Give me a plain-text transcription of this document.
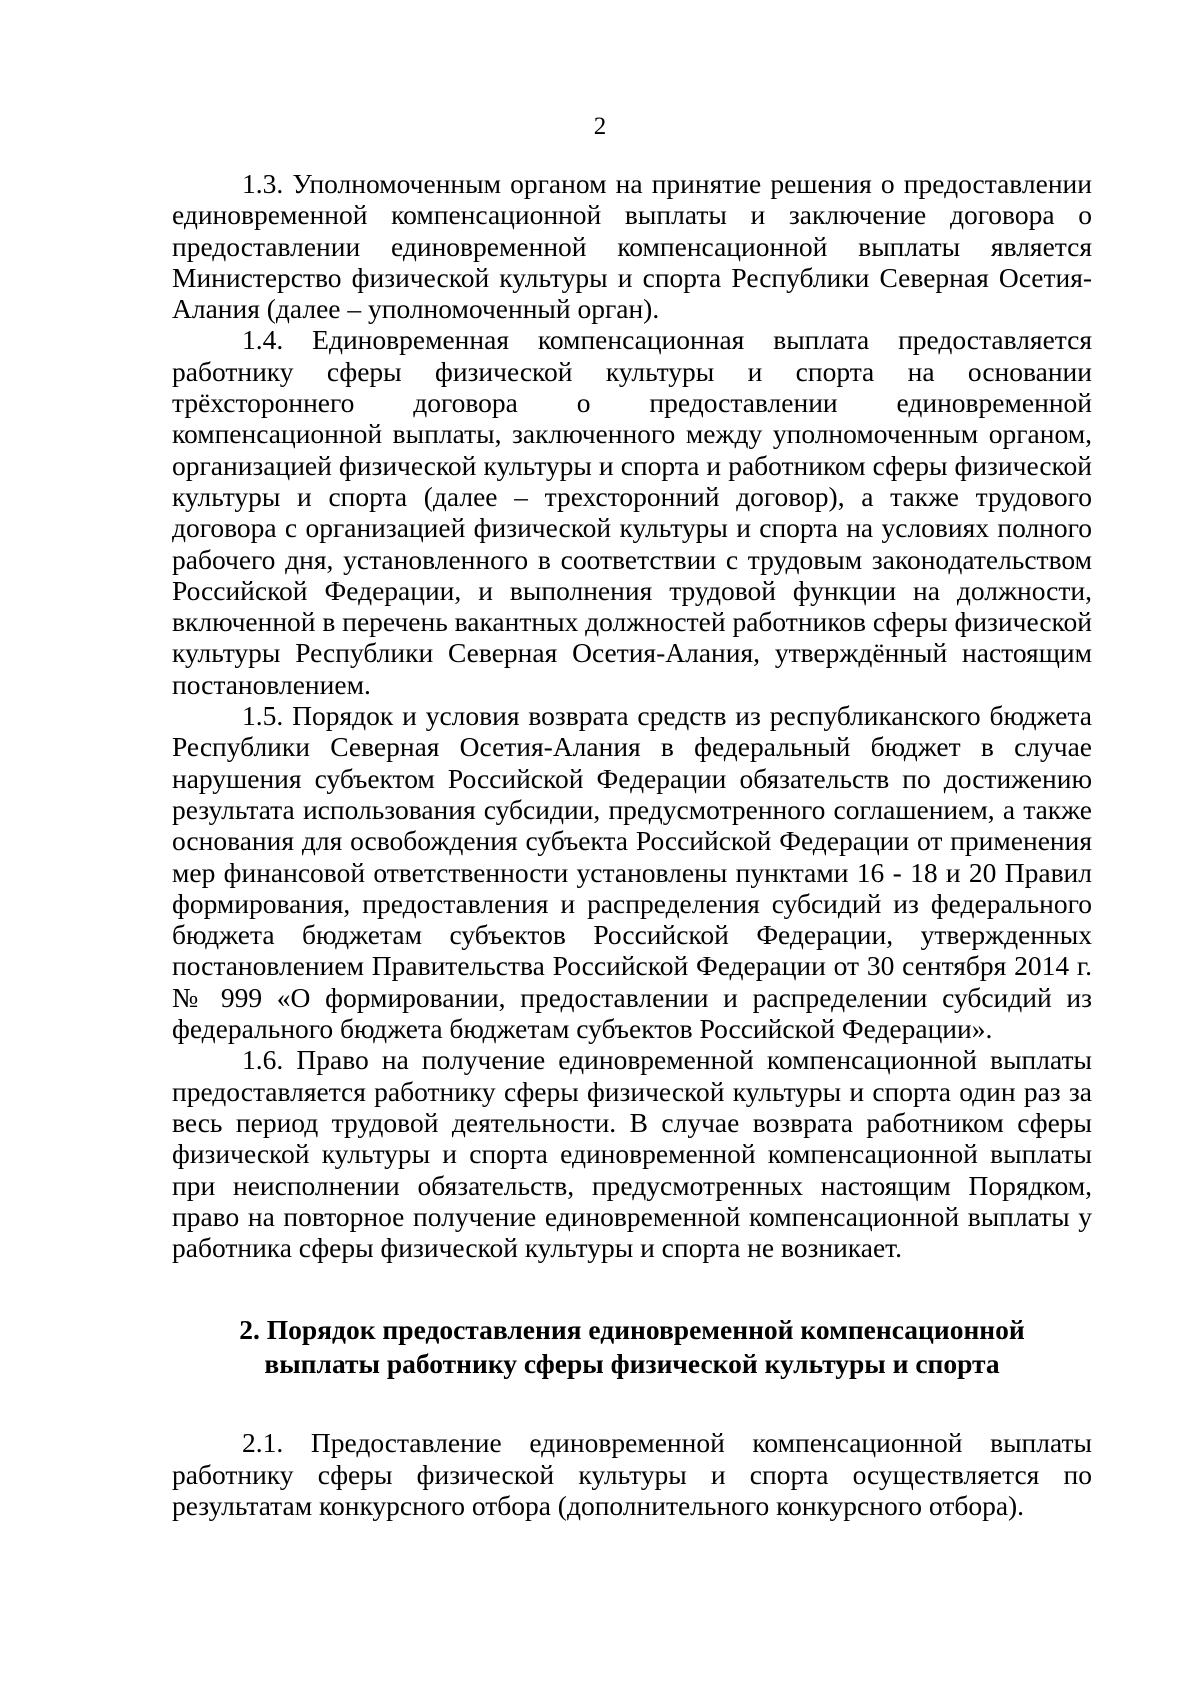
2

1.3. Уполномоченным органом на принятие решения о предоставлении единовременной компенсационной выплаты и заключение договора о предоставлении единовременной компенсационной выплаты является Министерство физической культуры и спорта Республики Северная Осетия-Алания (далее – уполномоченный орган).

1.4. Единовременная компенсационная выплата предоставляется работнику сферы физической культуры и спорта на основании трёхстороннего договора о предоставлении единовременной компенсационной выплаты, заключенного между уполномоченным органом, организацией физической культуры и спорта и работником сферы физической культуры и спорта (далее – трехсторонний договор), а также трудового договора с организацией физической культуры и спорта на условиях полного рабочего дня, установленного в соответствии с трудовым законодательством Российской Федерации, и выполнения трудовой функции на должности, включенной в перечень вакантных должностей работников сферы физической культуры Республики Северная Осетия-Алания, утверждённый настоящим постановлением.

1.5. Порядок и условия возврата средств из республиканского бюджета Республики Северная Осетия-Алания в федеральный бюджет в случае нарушения субъектом Российской Федерации обязательств по достижению результата использования субсидии, предусмотренного соглашением, а также основания для освобождения субъекта Российской Федерации от применения мер финансовой ответственности установлены пунктами 16 - 18 и 20 Правил формирования, предоставления и распределения субсидий из федерального бюджета бюджетам субъектов Российской Федерации, утвержденных постановлением Правительства Российской Федерации от 30 сентября 2014 г. № 999 «О формировании, предоставлении и распределении субсидий из федерального бюджета бюджетам субъектов Российской Федерации».

1.6. Право на получение единовременной компенсационной выплаты предоставляется работнику сферы физической культуры и спорта один раз за весь период трудовой деятельности. В случае возврата работником сферы физической культуры и спорта единовременной компенсационной выплаты при неисполнении обязательств, предусмотренных настоящим Порядком, право на повторное получение единовременной компенсационной выплаты у работника сферы физической культуры и спорта не возникает.

2. Порядок предоставления единовременной компенсационной
выплаты работнику сферы физической культуры и спорта

2.1. Предоставление единовременной компенсационной выплаты работнику сферы физической культуры и спорта осуществляется по результатам конкурсного отбора (дополнительного конкурсного отбора).
